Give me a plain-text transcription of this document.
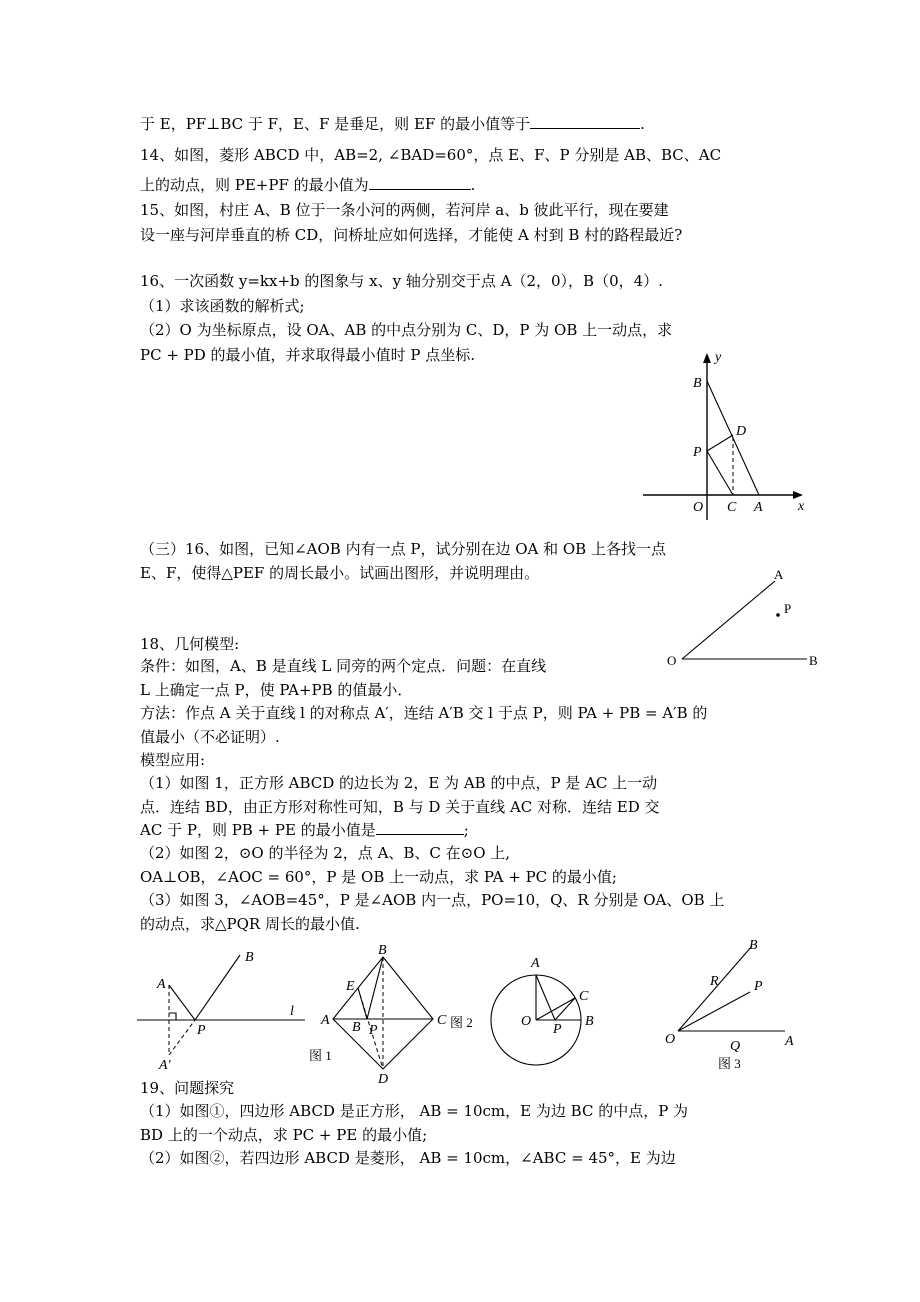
于 E，PF⊥BC 于 F，E、F 是垂足，则 EF 的最小值等于	.
14、如图，菱形 ABCD 中，AB=2, ∠BAD=60°，点 E、F、P 分别是 AB、BC、AC
上的动点，则 PE+PF 的最小值为	.
15、如图，村庄 A、B 位于一条小河的两侧，若河岸 a、b 彼此平行，现在要建
设一座与河岸垂直的桥 CD，问桥址应如何选择，才能使 A 村到 B 村的路程最近?
16、一次函数 y=kx+b 的图象与 x、y 轴分别交于点 A（2，0），B（0，4）.
（1）求该函数的解析式;
（2）O 为坐标原点，设 OA、AB 的中点分别为 C、D，P 为 OB 上一动点，求
PC + PD 的最小值，并求取得最小值时 P 点坐标.	y
x
B
D
P
O C A
（三）16、如图，已知∠AOB 内有一点 P，试分别在边 OA 和 OB 上各找一点
E、F，使得△PEF 的周长最小。试画出图形，并说明理由。	A
P
O	B
18、几何模型:
条件：如图，A、B 是直线 L 同旁的两个定点．问题：在直线
L 上确定一点 P，使 PA+PB 的值最小．
方法：作点 A 关于直线 l 的对称点 A′，连结 A′B 交 l 于点 P，则 PA + PB = A′B 的
值最小（不必证明）.
模型应用:
（1）如图 1，正方形 ABCD 的边长为 2，E 为 AB 的中点，P 是 AC 上一动
点．连结 BD，由正方形对称性可知，B 与 D 关于直线 AC 对称．连结 ED 交
AC 于 P，则 PB + PE 的最小值是	;
（2）如图 2，⊙O 的半径为 2，点 A、B、C 在⊙O 上,
OA⊥OB，∠AOC = 60°，P 是 OB 上一动点，求 PA + PC 的最小值;
（3）如图 3，∠AOB=45°，P 是∠AOB 内一点，PO=10，Q、R 分别是 OA、OB 上
的动点，求△PQR 周长的最小值.
A
B
P
l
A′
B
E
A B P
C
D
图 1
图 2
A
C
O	B
P
B
R	P
O	Q	A
图 3
19、问题探究
（1）如图①，四边形 ABCD 是正方形， AB = 10cm，E 为边 BC 的中点，P 为
BD 上的一个动点，求 PC + PE 的最小值;
（2）如图②，若四边形 ABCD 是菱形， AB = 10cm，∠ABC = 45°，E 为边
